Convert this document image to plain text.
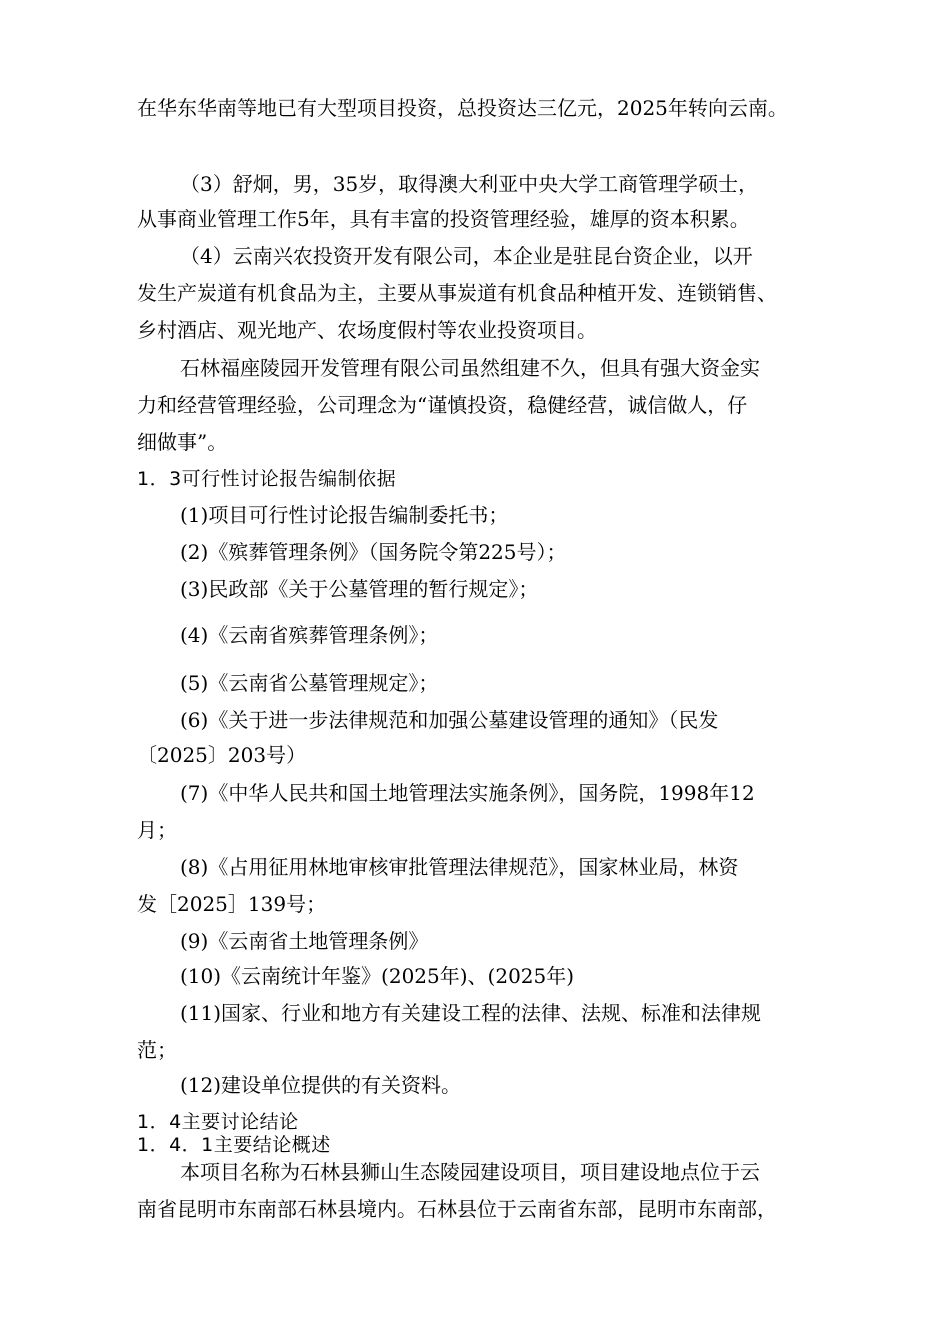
在华东华南等地已有大型项目投资，总投资达三亿元，2025年转向云南。
（3）舒炯，男，35岁，取得澳大利亚中央大学工商管理学硕士，
从事商业管理工作5年，具有丰富的投资管理经验，雄厚的资本积累。
（4）云南兴农投资开发有限公司，本企业是驻昆台资企业，以开
发生产炭道有机食品为主，主要从事炭道有机食品种植开发、连锁销售、
乡村酒店、观光地产、农场度假村等农业投资项目。
石林福座陵园开发管理有限公司虽然组建不久，但具有强大资金实
力和经营管理经验，公司理念为“谨慎投资，稳健经营，诚信做人，仔
细做事”。
1．3可行性讨论报告编制依据
(1)项目可行性讨论报告编制委托书；
(2)《殡葬管理条例》（国务院令第225号）；
(3)民政部《关于公墓管理的暂行规定》；
(4)《云南省殡葬管理条例》；
(5)《云南省公墓管理规定》；
(6)《关于进一步法律规范和加强公墓建设管理的通知》（民发
〔2025〕203号）
(7)《中华人民共和国土地管理法实施条例》，国务院，1998年12
月；
(8)《占用征用林地审核审批管理法律规范》，国家林业局，林资
发［2025］139号；
(9)《云南省土地管理条例》
(10)《云南统计年鉴》(2025年)、(2025年)
(11)国家、行业和地方有关建设工程的法律、法规、标准和法律规
范；
(12)建设单位提供的有关资料。
1．4主要讨论结论
1．4．1主要结论概述
本项目名称为石林县狮山生态陵园建设项目，项目建设地点位于云
南省昆明市东南部石林县境内。石林县位于云南省东部，昆明市东南部，
